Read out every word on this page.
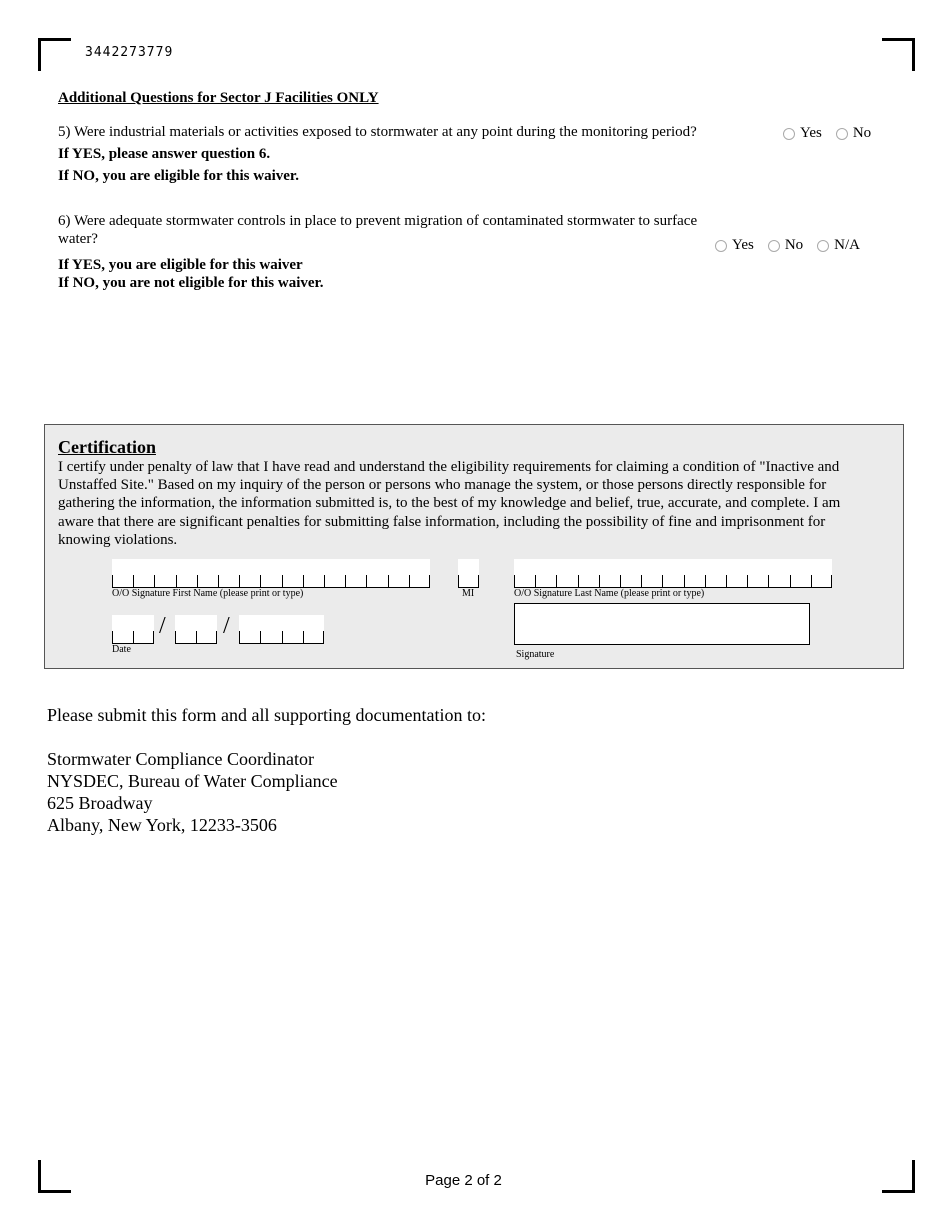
3442273779
Additional Questions for Sector J Facilities ONLY
5) Were industrial materials or activities exposed to stormwater at any point during the monitoring period?	Yes No
If YES, please answer question 6.
If NO, you are eligible for this waiver.
6) Were adequate stormwater controls in place to prevent migration of contaminated stormwater to surface water?	Yes No N/A
If YES, you are eligible for this waiver
If NO, you are not eligible for this waiver.
Certification
I certify under penalty of law that I have read and understand the eligibility requirements for claiming a condition of "Inactive and Unstaffed Site." Based on my inquiry of the person or persons who manage the system, or those persons directly responsible for gathering the information, the information submitted is, to the best of my knowledge and belief, true, accurate, and complete. I am aware that there are significant penalties for submitting false information, including the possibility of fine and imprisonment for knowing violations.
O/O Signature First Name (please print or type)	MI	O/O Signature Last Name (please print or type)
/ /
Date	Signature
Please submit this form and all supporting documentation to:
Stormwater Compliance Coordinator
NYSDEC, Bureau of Water Compliance
625 Broadway
Albany, New York, 12233-3506
Page 2 of 2
